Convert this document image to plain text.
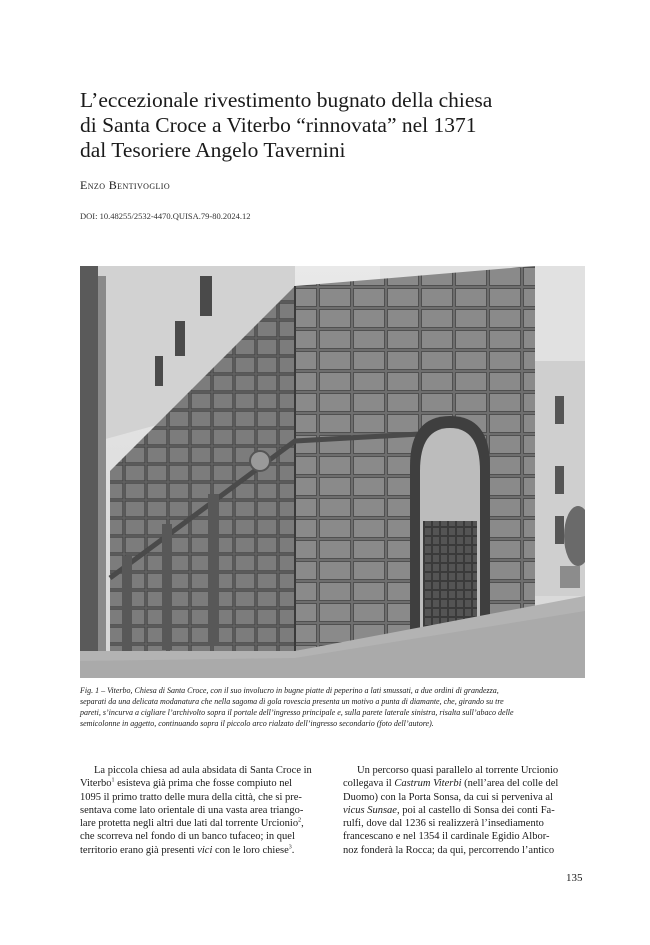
L’eccezionale rivestimento bugnato della chiesa
di Santa Croce a Viterbo “rinnovata” nel 1371
dal Tesoriere Angelo Tavernini
Enzo Bentivoglio
DOI: 10.48255/2532-4470.QUISA.79-80.2024.12
Fig. 1 – Viterbo, Chiesa di Santa Croce, con il suo involucro in bugne piatte di peperino a lati smussati, a due ordini di grandezza,
separati da una delicata modanatura che nella sagoma di gola rovescia presenta un motivo a punta di diamante, che, girando su tre
pareti, s’incurva a cigliare l’archivolto sopra il portale dell’ingresso principale e, sulla parete laterale sinistra, risalta sull’abaco delle
semicolonne in aggetto, continuando sopra il piccolo arco rialzato dell’ingresso secondario (foto dell’autore).
La piccola chiesa ad aula absidata di Santa Croce in
Viterbo$^1$ esisteva già prima che fosse compiuto nel
1095 il primo tratto delle mura della città, che si pre-
sentava come lato orientale di una vasta area triango-
lare protetta negli altri due lati dal torrente Urcionio$^2$,
che scorreva nel fondo di un banco tufaceo; in quel
territorio erano già presenti vici con le loro chiese$^3$.
Un percorso quasi parallelo al torrente Urcionio
collegava il Castrum Viterbi (nell’area del colle del
Duomo) con la Porta Sonsa, da cui si perveniva al
vicus Sunsae, poi al castello di Sonsa dei conti Fa-
rulfi, dove dal 1236 si realizzerà l’insediamento
francescano e nel 1354 il cardinale Egidio Albor-
noz fonderà la Rocca; da qui, percorrendo l’antico
135
